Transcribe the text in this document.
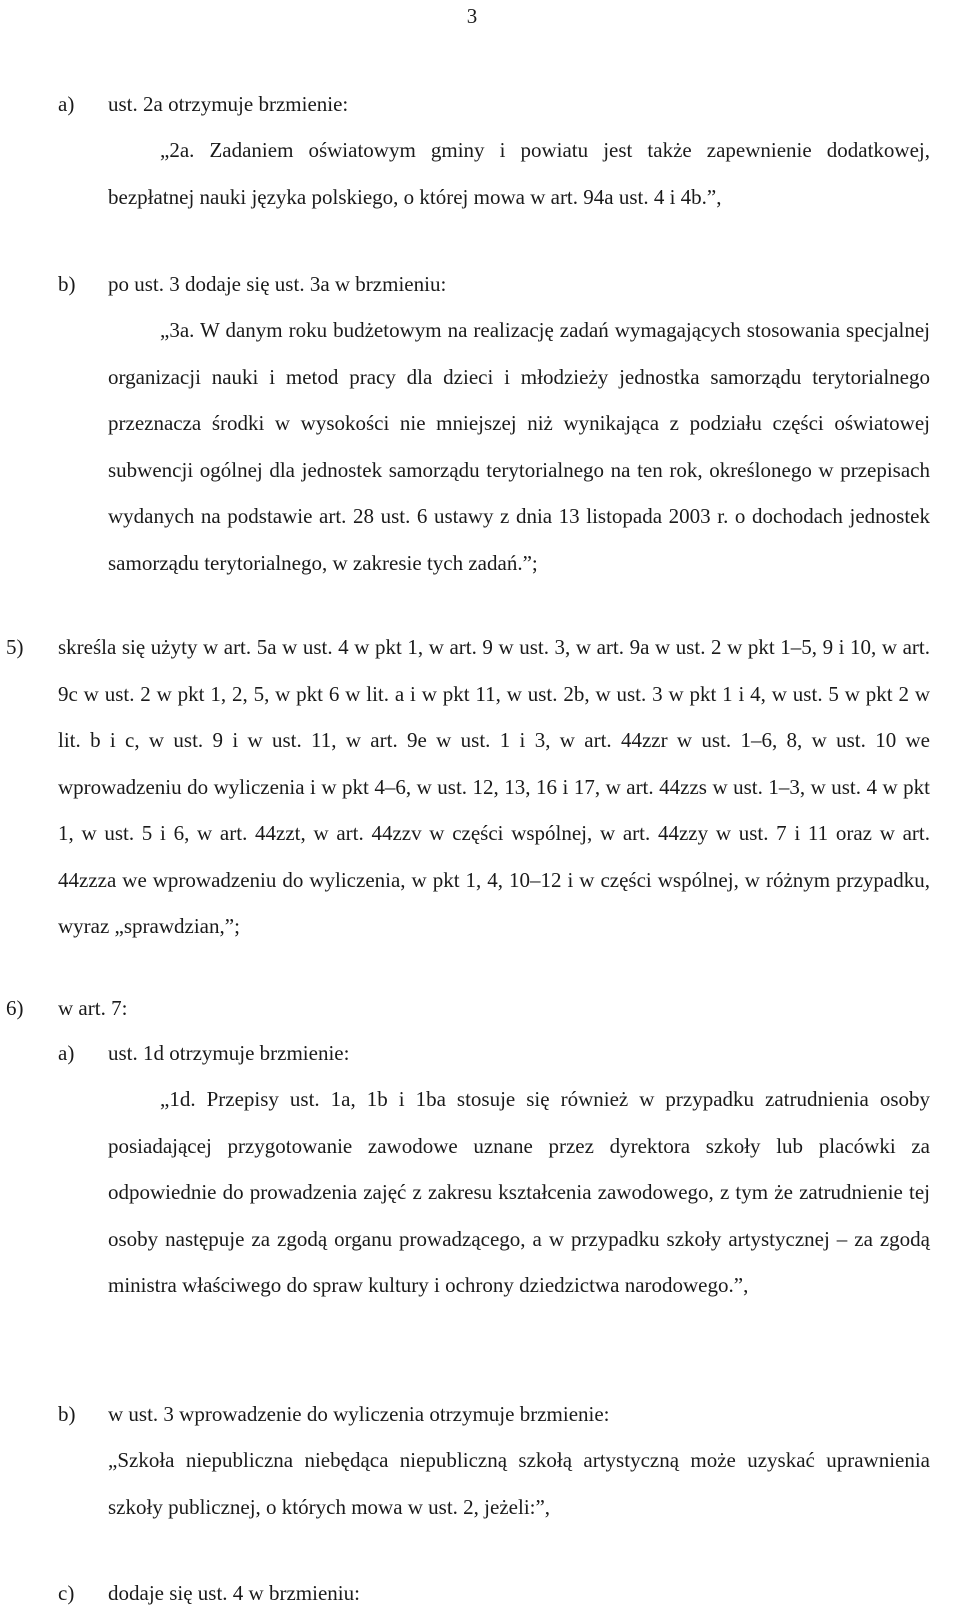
3
a) ust. 2a otrzymuje brzmienie:

„2a. Zadaniem oświatowym gminy i powiatu jest także zapewnienie dodatkowej, bezpłatnej nauki języka polskiego, o której mowa w art. 94a ust. 4 i 4b.”,

b) po ust. 3 dodaje się ust. 3a w brzmieniu:

„3a. W danym roku budżetowym na realizację zadań wymagających stosowania specjalnej organizacji nauki i metod pracy dla dzieci i młodzieży jednostka samorządu terytorialnego przeznacza środki w wysokości nie mniejszej niż wynikająca z podziału części oświatowej subwencji ogólnej dla jednostek samorządu terytorialnego na ten rok, określonego w przepisach wydanych na podstawie art. 28 ust. 6 ustawy z dnia 13 listopada 2003 r. o dochodach jednostek samorządu terytorialnego, w zakresie tych zadań.”;

5) skreśla się użyty w art. 5a w ust. 4 w pkt 1, w art. 9 w ust. 3, w art. 9a w ust. 2 w pkt 1–5, 9 i 10, w art. 9c w ust. 2 w pkt 1, 2, 5, w pkt 6 w lit. a i w pkt 11, w ust. 2b, w ust. 3 w pkt 1 i 4, w ust. 5 w pkt 2 w lit. b i c, w ust. 9 i w ust. 11, w art. 9e w ust. 1 i 3, w art. 44zzr w ust. 1–6, 8, w ust. 10 we wprowadzeniu do wyliczenia i w pkt 4–6, w ust. 12, 13, 16 i 17, w art. 44zzs w ust. 1–3, w ust. 4 w pkt 1, w ust. 5 i 6, w art. 44zzt, w art. 44zzv w części wspólnej, w art. 44zzy w ust. 7 i 11 oraz w art. 44zzza we wprowadzeniu do wyliczenia, w pkt 1, 4, 10–12 i w części wspólnej, w różnym przypadku, wyraz „sprawdzian,”;
6) w art. 7:
a) ust. 1d otrzymuje brzmienie:

„1d. Przepisy ust. 1a, 1b i 1ba stosuje się również w przypadku zatrudnienia osoby posiadającej przygotowanie zawodowe uznane przez dyrektora szkoły lub placówki za odpowiednie do prowadzenia zajęć z zakresu kształcenia zawodowego, z tym że zatrudnienie tej osoby następuje za zgodą organu prowadzącego, a w przypadku szkoły artystycznej – za zgodą ministra właściwego do spraw kultury i ochrony dziedzictwa narodowego.”,

b) w ust. 3 wprowadzenie do wyliczenia otrzymuje brzmienie:

„Szkoła niepubliczna niebędąca niepubliczną szkołą artystyczną może uzyskać uprawnienia szkoły publicznej, o których mowa w ust. 2, jeżeli:”,

c) dodaje się ust. 4 w brzmieniu:
